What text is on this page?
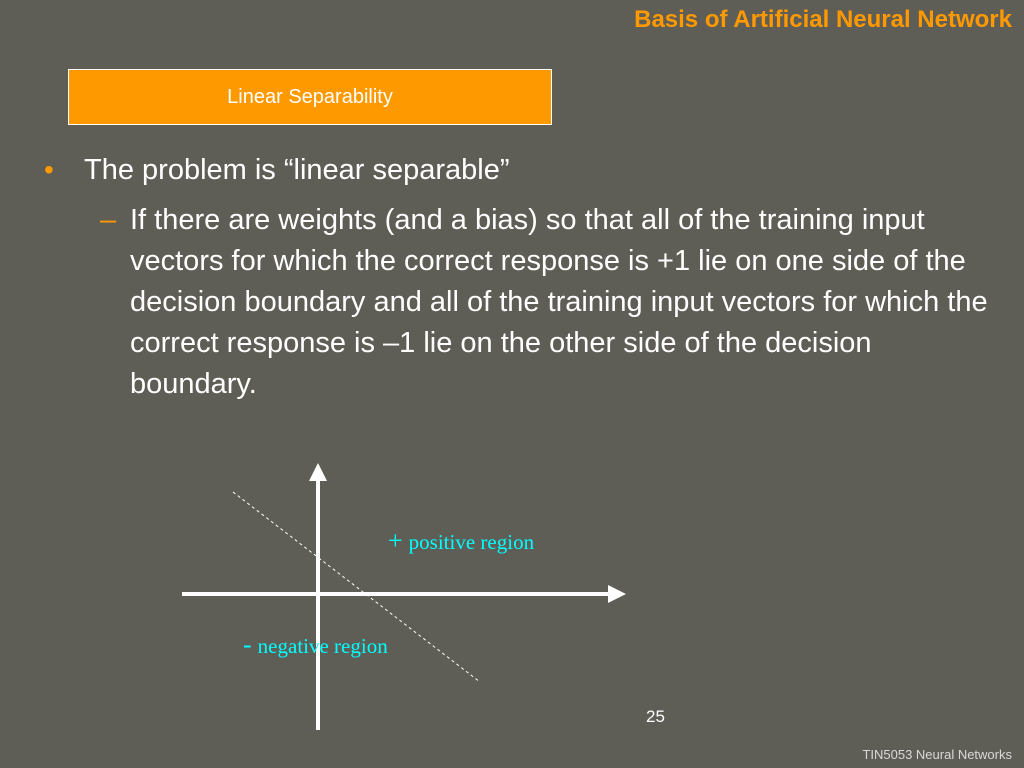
Basis of Artificial Neural Network
Linear Separability
• The problem is “linear separable”
– If there are weights (and a bias) so that all of the training input vectors for which the correct response is +1 lie on one side of the decision boundary and all of the training input vectors for which the correct response is –1 lie on the other side of the decision boundary.
+ positive region
- negative region
25
TIN5053 Neural Networks
